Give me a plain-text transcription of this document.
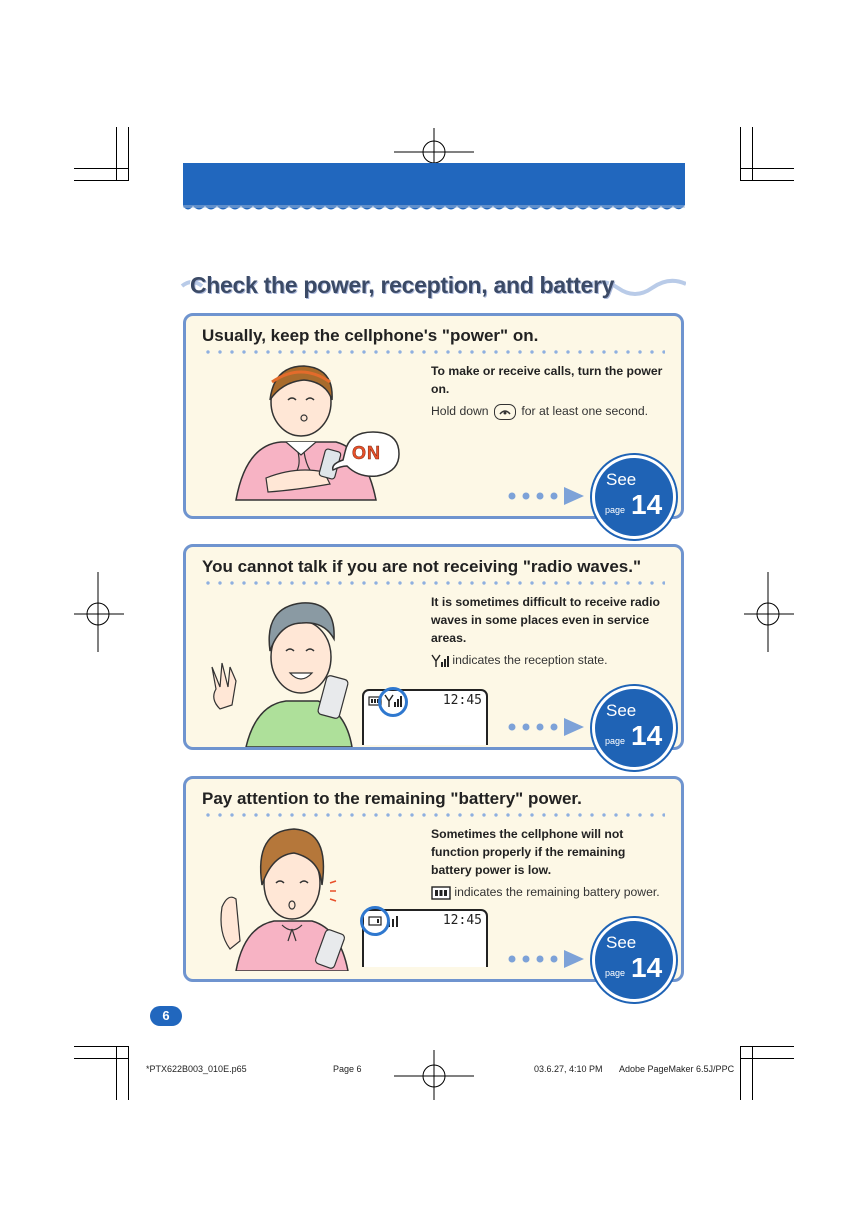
Check the power, reception, and battery
Usually, keep the cellphone's "power" on.
To make or receive calls, turn the power on.
Hold down	for at least one second.
ON
See
page 14
You cannot talk if you are not receiving "radio waves."
It is sometimes difficult to receive radio waves in some places even in service areas.
indicates the reception state.
12:45
See
page 14
Pay attention to the remaining "battery" power.
Sometimes the cellphone will not function properly if the remaining battery power is low.
indicates the remaining battery power.
12:45
See
page 14
6
*PTX622B003_010E.p65	Page 6	03.6.27, 4:10 PM Adobe PageMaker 6.5J/PPC
